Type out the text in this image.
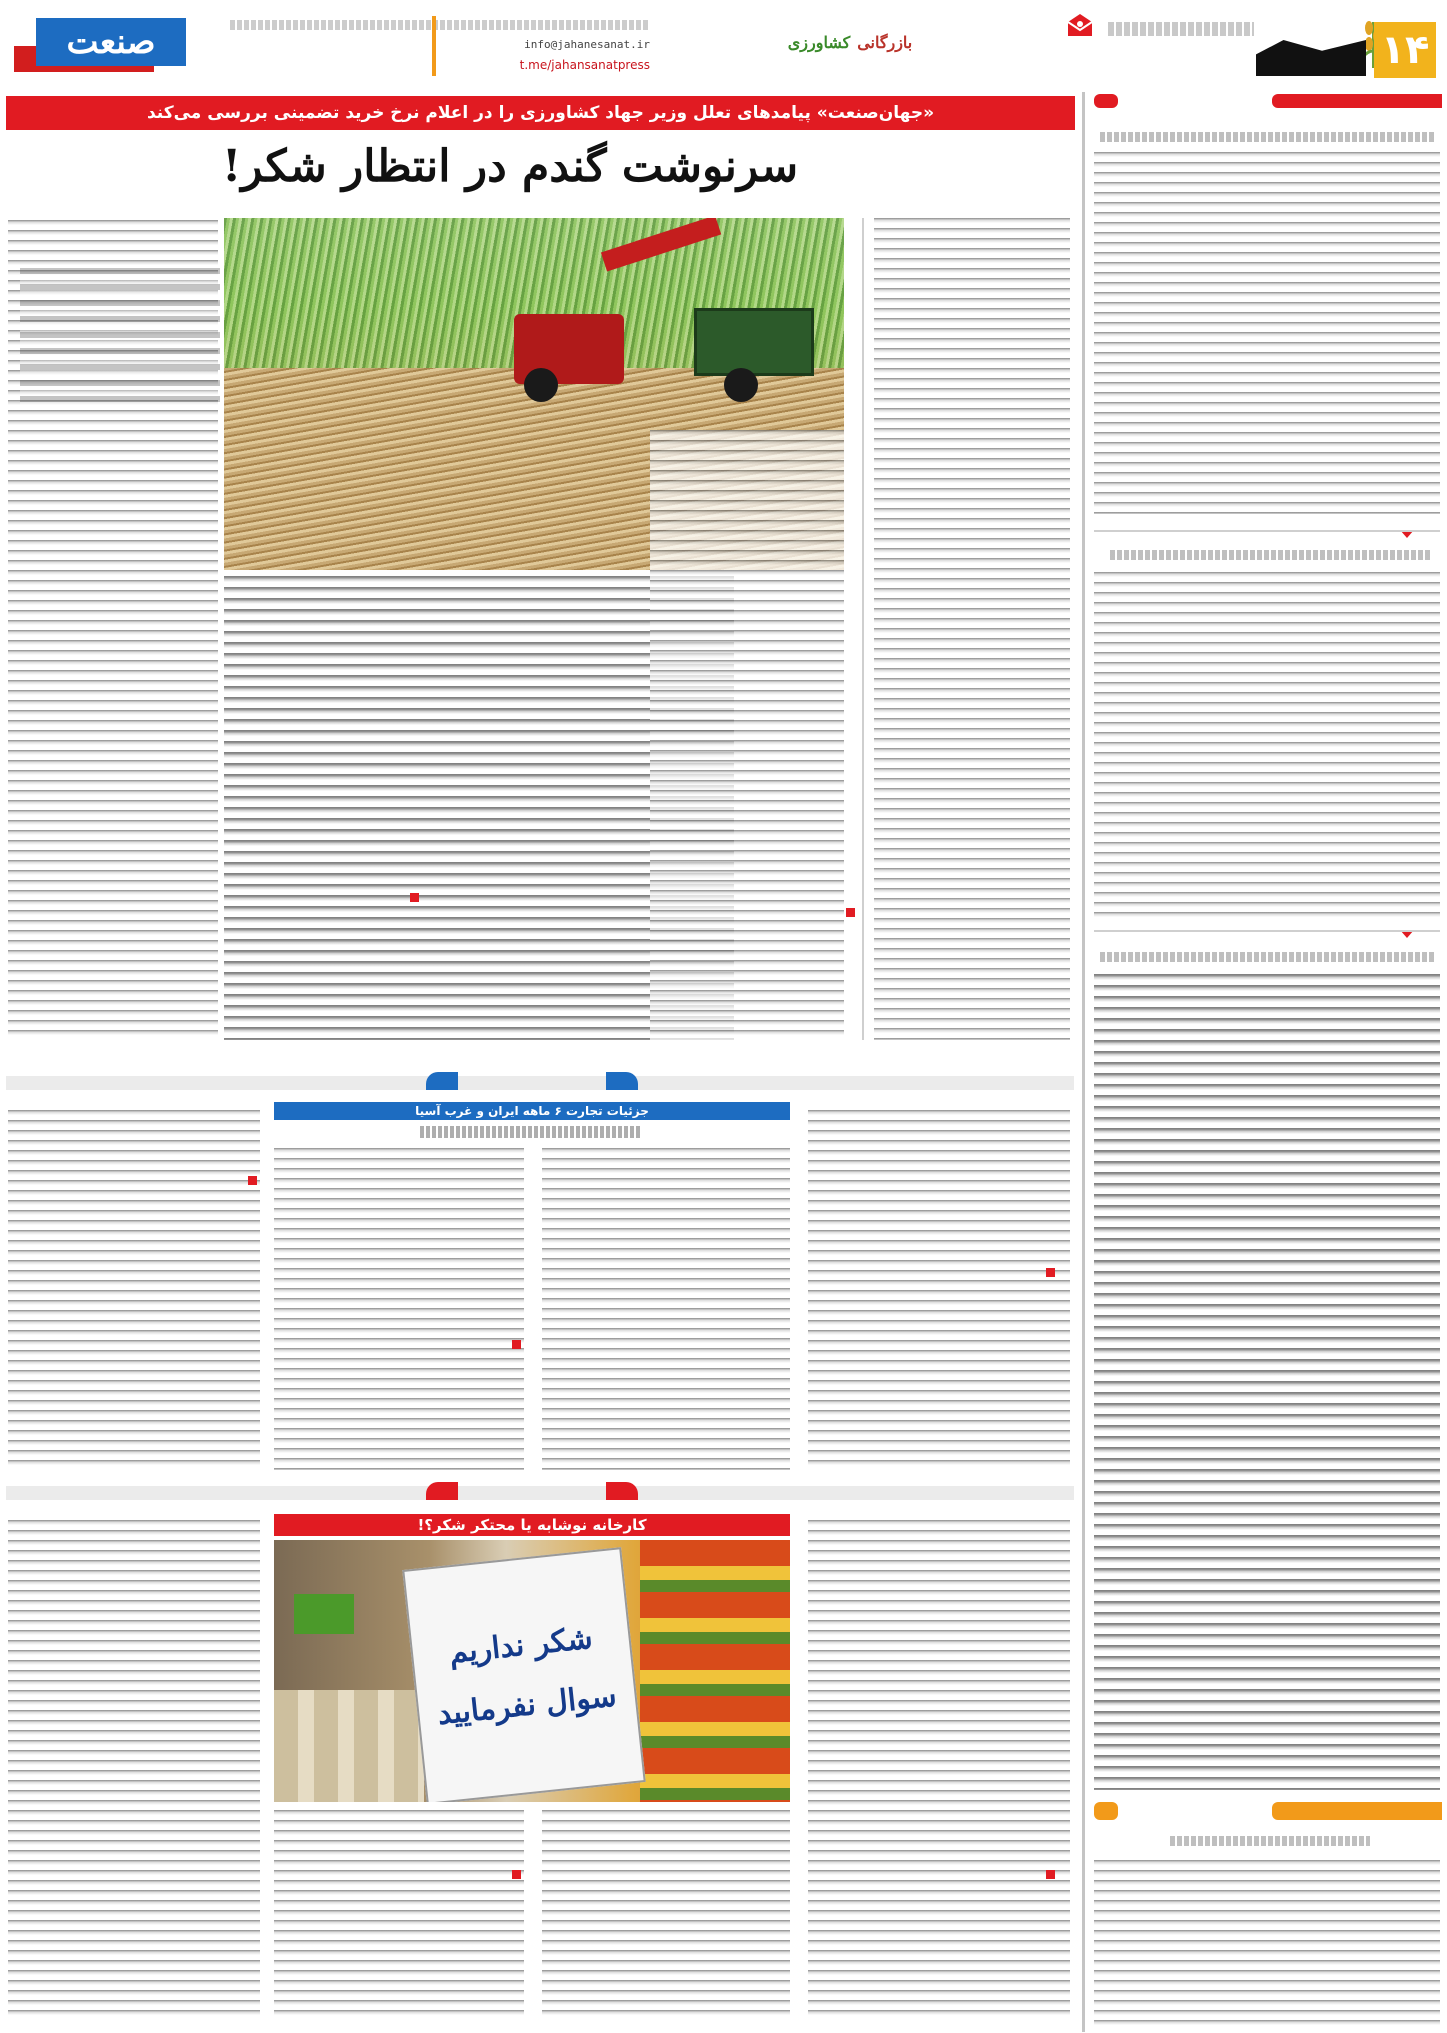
۱۴
بازرگانی کشاورزی
info@jahanesanat.ir
t.me/jahansanatpress
صنعت
«جهان‌صنعت» پیامدهای تعلل وزیر جهاد کشاورزی را در اعلام نرخ خرید تضمینی بررسی می‌کند
سرنوشت گندم در انتظار شکر!
جزئیات تجارت ۶ ماهه ایران و غرب آسیا
کارخانه نوشابه یا محتکر شکر؟!
شکر نداریم
سوال نفرمایید
